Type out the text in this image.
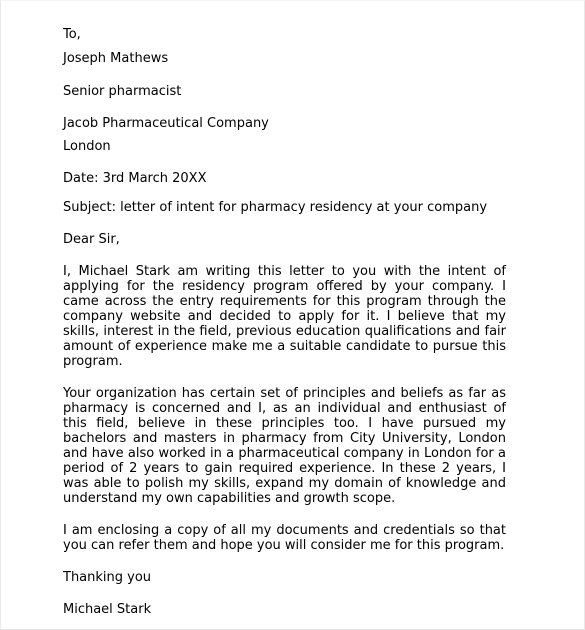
To,

Joseph Mathews

Senior pharmacist

Jacob Pharmaceutical Company

London

Date: 3rd March 20XX

Subject: letter of intent for pharmacy residency at your company

Dear Sir,

I, Michael Stark am writing this letter to you with the intent of applying for the residency program offered by your company. I came across the entry requirements for this program through the company website and decided to apply for it. I believe that my skills, interest in the field, previous education qualifications and fair amount of experience make me a suitable candidate to pursue this program.

Your organization has certain set of principles and beliefs as far as pharmacy is concerned and I, as an individual and enthusiast of this field, believe in these principles too. I have pursued my bachelors and masters in pharmacy from City University, London and have also worked in a pharmaceutical company in London for a period of 2 years to gain required experience. In these 2 years, I was able to polish my skills, expand my domain of knowledge and understand my own capabilities and growth scope.

I am enclosing a copy of all my documents and credentials so that you can refer them and hope you will consider me for this program.

Thanking you

Michael Stark
